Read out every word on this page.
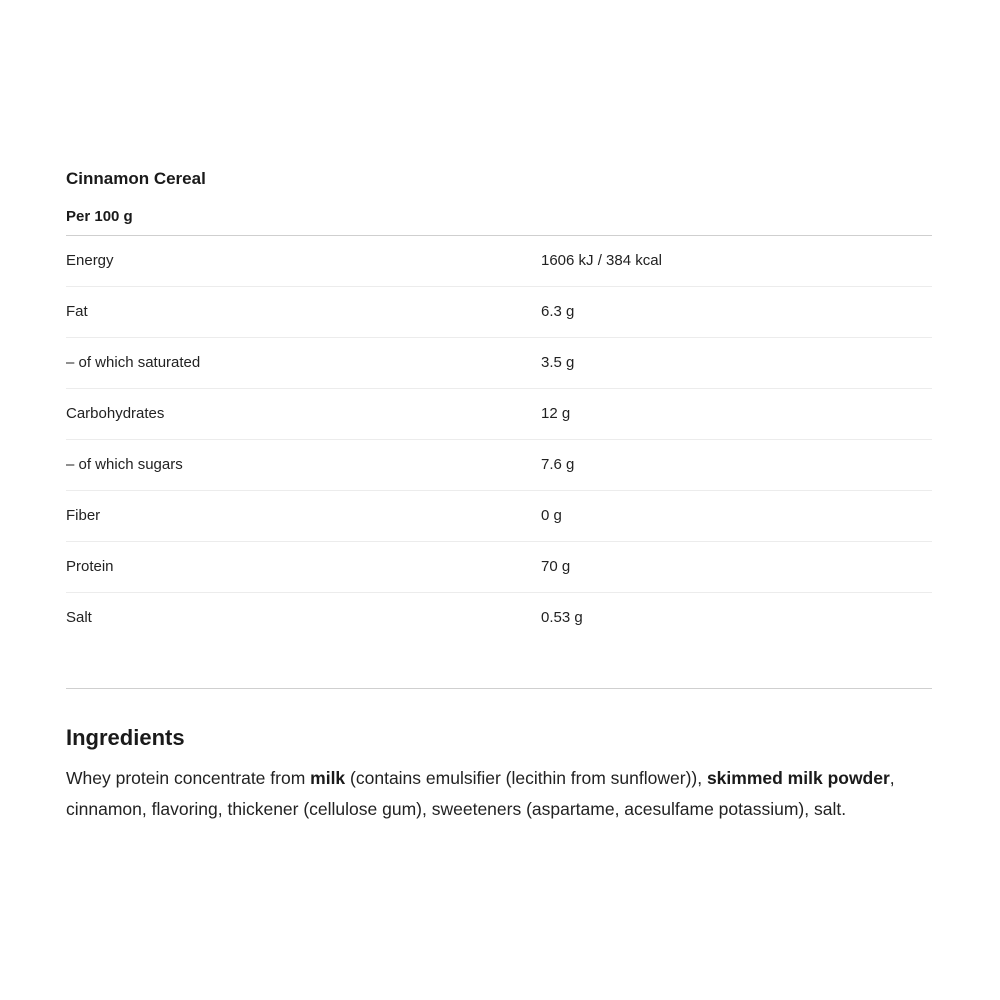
Cinnamon Cereal
Per 100 g
Energy	1606 kJ / 384 kcal
Fat	6.3 g
– of which saturated	3.5 g
Carbohydrates	12 g
– of which sugars	7.6 g
Fiber	0 g
Protein	70 g
Salt	0.53 g
Ingredients
Whey protein concentrate from milk (contains emulsifier (lecithin from sunflower)), skimmed milk powder, cinnamon, flavoring, thickener (cellulose gum), sweeteners (aspartame, acesulfame potassium), salt.
